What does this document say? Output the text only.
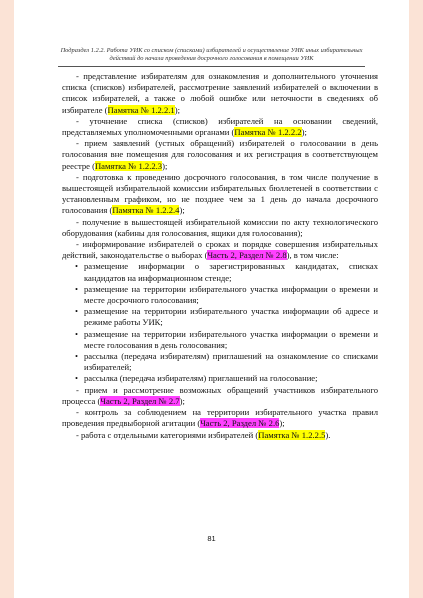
Подраздел 1.2.2. Работа УИК со списком (списками) избирателей и осуществление УИК иных избирательных
действий до начала проведения досрочного голосования в помещении УИК

- представление избирателям для ознакомления и дополнительного уточнения списка (списков) избирателей, рассмотрение заявлений избирателей о включении в список избирателей, а также о любой ошибке или неточности в сведениях об избирателе (Памятка № 1.2.2.1);

- уточнение списка (списков) избирателей на основании сведений, представляемых уполномоченными органами (Памятка № 1.2.2.2);

- прием заявлений (устных обращений) избирателей о голосовании в день голосования вне помещения для голосования и их регистрация в соответствующем реестре (Памятка № 1.2.2.3);

- подготовка к проведению досрочного голосования, в том числе получение в вышестоящей избирательной комиссии избирательных бюллетеней в соответствии с установленным графиком, но не позднее чем за 1 день до начала досрочного голосования (Памятка № 1.2.2.4);

- получение в вышестоящей избирательной комиссии по акту технологического оборудования (кабины для голосования, ящики для голосования);

- информирование избирателей о сроках и порядке совершения избирательных действий, законодательстве о выборах (Часть 2, Раздел № 2.8), в том числе:

• размещение информации о зарегистрированных кандидатах, списках кандидатов на информационном стенде;

• размещение на территории избирательного участка информации о времени и месте досрочного голосования;

• размещение на территории избирательного участка информации об адресе и режиме работы УИК;

• размещение на территории избирательного участка информации о времени и месте голосования в день голосования;

• рассылка (передача избирателям) приглашений на ознакомление со списками избирателей;

• рассылка (передача избирателям) приглашений на голосование;

- прием и рассмотрение возможных обращений участников избирательного процесса (Часть 2, Раздел № 2.7);

- контроль за соблюдением на территории избирательного участка правил проведения предвыборной агитации (Часть 2, Раздел № 2.6);

- работа с отдельными категориями избирателей (Памятка № 1.2.2.5).

81
